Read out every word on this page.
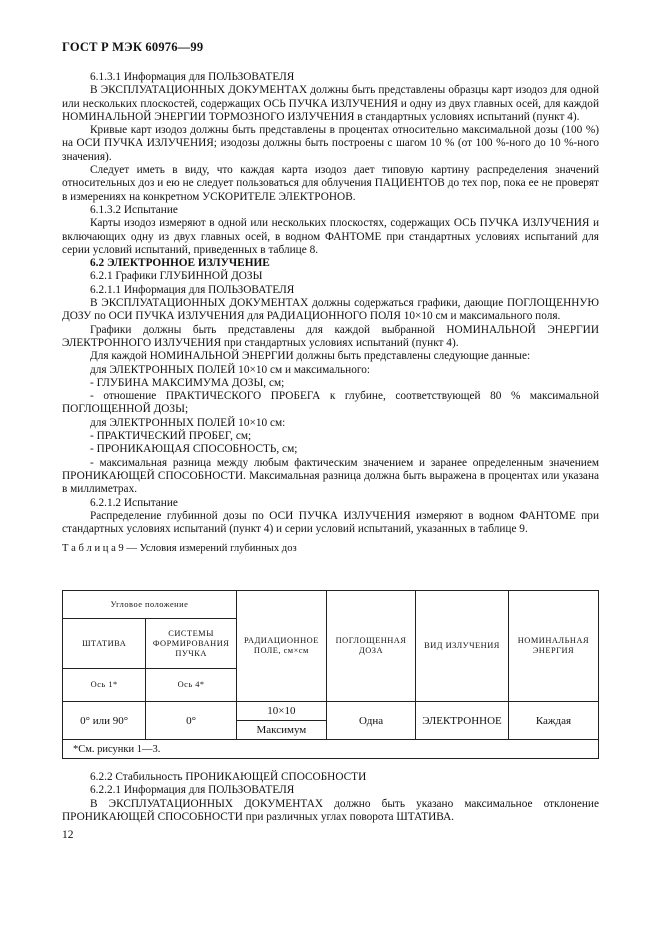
ГОСТ Р МЭК 60976—99

6.1.3.1 Информация для ПОЛЬЗОВАТЕЛЯ

В ЭКСПЛУАТАЦИОННЫХ ДОКУМЕНТАХ должны быть представлены образцы карт изодоз для одной или нескольких плоскостей, содержащих ОСЬ ПУЧКА ИЗЛУЧЕНИЯ и одну из двух главных осей, для каждой НОМИНАЛЬНОЙ ЭНЕРГИИ ТОРМОЗНОГО ИЗЛУЧЕНИЯ в стандартных условиях испытаний (пункт 4).

Кривые карт изодоз должны быть представлены в процентах относительно максимальной дозы (100 %) на ОСИ ПУЧКА ИЗЛУЧЕНИЯ; изодозы должны быть построены с шагом 10 % (от 100 %-ного до 10 %-ного значения).

Следует иметь в виду, что каждая карта изодоз дает типовую картину распределения значений относительных доз и ею не следует пользоваться для облучения ПАЦИЕНТОВ до тех пор, пока ее не проверят в измерениях на конкретном УСКОРИТЕЛЕ ЭЛЕКТРОНОВ.

6.1.3.2 Испытание

Карты изодоз измеряют в одной или нескольких плоскостях, содержащих ОСЬ ПУЧКА ИЗЛУЧЕНИЯ и включающих одну из двух главных осей, в водном ФАНТОМЕ при стандартных условиях испытаний для серии условий испытаний, приведенных в таблице 8.

6.2 ЭЛЕКТРОННОЕ ИЗЛУЧЕНИЕ

6.2.1 Графики ГЛУБИННОЙ ДОЗЫ

6.2.1.1 Информация для ПОЛЬЗОВАТЕЛЯ

В ЭКСПЛУАТАЦИОННЫХ ДОКУМЕНТАХ должны содержаться графики, дающие ПОГЛОЩЕННУЮ ДОЗУ по ОСИ ПУЧКА ИЗЛУЧЕНИЯ для РАДИАЦИОННОГО ПОЛЯ 10×10 см и максимального поля.

Графики должны быть представлены для каждой выбранной НОМИНАЛЬНОЙ ЭНЕРГИИ ЭЛЕКТРОННОГО ИЗЛУЧЕНИЯ при стандартных условиях испытаний (пункт 4).

Для каждой НОМИНАЛЬНОЙ ЭНЕРГИИ должны быть представлены следующие данные:

для ЭЛЕКТРОННЫХ ПОЛЕЙ 10×10 см и максимального:

- ГЛУБИНА МАКСИМУМА ДОЗЫ, см;

- отношение ПРАКТИЧЕСКОГО ПРОБЕГА к глубине, соответствующей 80 % максимальной ПОГЛОЩЕННОЙ ДОЗЫ;

для ЭЛЕКТРОННЫХ ПОЛЕЙ 10×10 см:

- ПРАКТИЧЕСКИЙ ПРОБЕГ, см;

- ПРОНИКАЮЩАЯ СПОСОБНОСТЬ, см;

- максимальная разница между любым фактическим значением и заранее определенным значением ПРОНИКАЮЩЕЙ СПОСОБНОСТИ. Максимальная разница должна быть выражена в процентах или указана в миллиметрах.

6.2.1.2 Испытание

Распределение глубинной дозы по ОСИ ПУЧКА ИЗЛУЧЕНИЯ измеряют в водном ФАНТОМЕ при стандартных условиях испытаний (пункт 4) и серии условий испытаний, указанных в таблице 9.

Т а б л и ц а 9 — Условия измерений глубинных доз

Угловое положение		РАДИАЦИОННОЕ ПОЛЕ, см×см	ПОГЛОЩЕННАЯ ДОЗА	ВИД ИЗЛУЧЕНИЯ	НОМИНАЛЬНАЯ ЭНЕРГИЯ
ШТАТИВА	СИСТЕМЫ ФОРМИРОВАНИЯ ПУЧКА				
Ось 1*	Ось 4*				
0° или 90°	0°	10×10	Одна	ЭЛЕКТРОННОЕ	Каждая
		Максимум			
*См. рисунки 1—3.					

6.2.2 Стабильность ПРОНИКАЮЩЕЙ СПОСОБНОСТИ

6.2.2.1 Информация для ПОЛЬЗОВАТЕЛЯ

В ЭКСПЛУАТАЦИОННЫХ ДОКУМЕНТАХ должно быть указано максимальное отклонение ПРОНИКАЮЩЕЙ СПОСОБНОСТИ при различных углах поворота ШТАТИВА.

12
